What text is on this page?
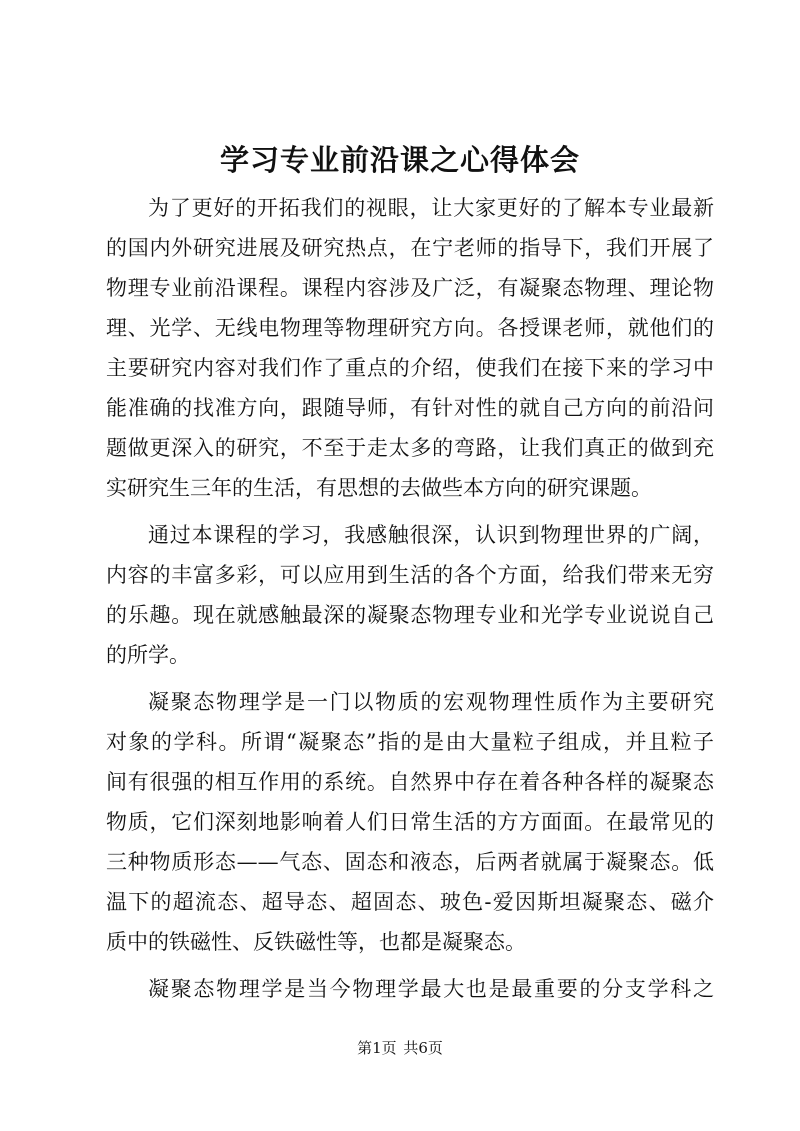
学习专业前沿课之心得体会
为了更好的开拓我们的视眼，让大家更好的了解本专业最新
的国内外研究进展及研究热点，在宁老师的指导下，我们开展了
物理专业前沿课程。课程内容涉及广泛，有凝聚态物理、理论物
理、光学、无线电物理等物理研究方向。各授课老师，就他们的
主要研究内容对我们作了重点的介绍，使我们在接下来的学习中
能准确的找准方向，跟随导师，有针对性的就自己方向的前沿问
题做更深入的研究，不至于走太多的弯路，让我们真正的做到充
实研究生三年的生活，有思想的去做些本方向的研究课题。
通过本课程的学习，我感触很深，认识到物理世界的广阔，
内容的丰富多彩，可以应用到生活的各个方面，给我们带来无穷
的乐趣。现在就感触最深的凝聚态物理专业和光学专业说说自己
的所学。
凝聚态物理学是一门以物质的宏观物理性质作为主要研究
对象的学科。所谓“凝聚态”指的是由大量粒子组成，并且粒子
间有很强的相互作用的系统。自然界中存在着各种各样的凝聚态
物质，它们深刻地影响着人们日常生活的方方面面。在最常见的
三种物质形态——气态、固态和液态，后两者就属于凝聚态。低
温下的超流态、超导态、超固态、玻色-爱因斯坦凝聚态、磁介
质中的铁磁性、反铁磁性等，也都是凝聚态。
凝聚态物理学是当今物理学最大也是最重要的分支学科之
第1页 共6页
